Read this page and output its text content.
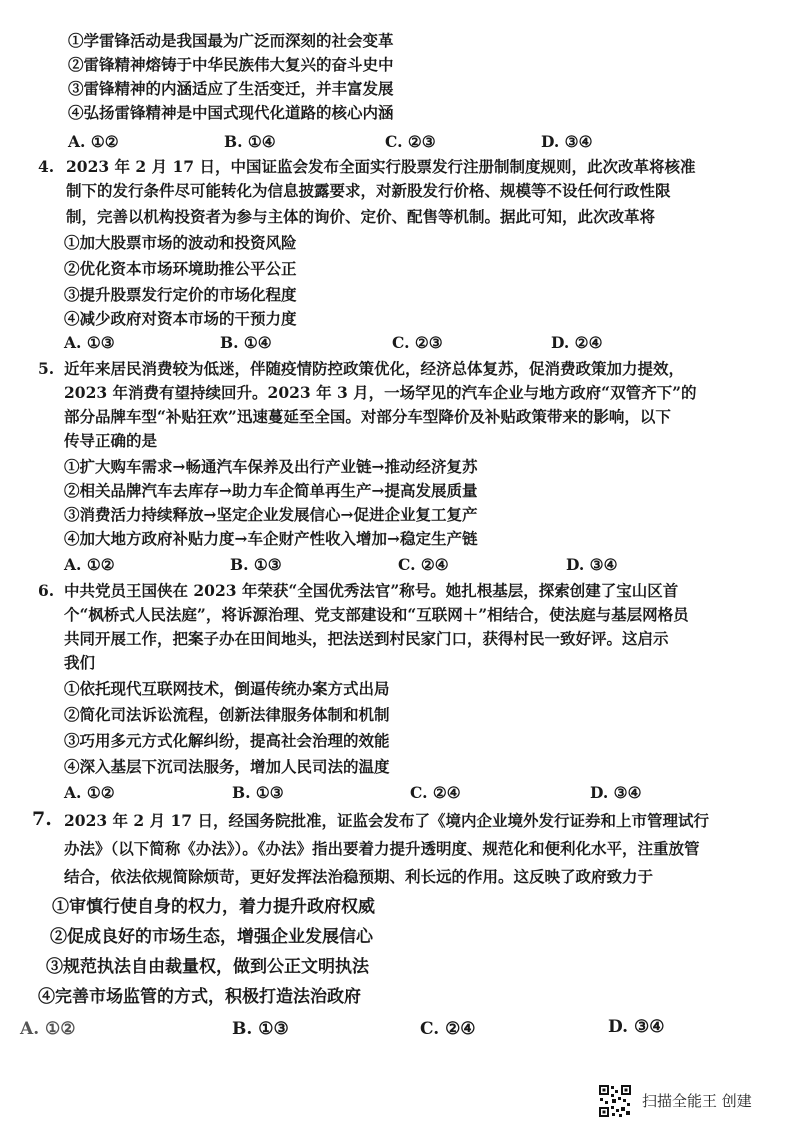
①学雷锋活动是我国最为广泛而深刻的社会变革
②雷锋精神熔铸于中华民族伟大复兴的奋斗史中
③雷锋精神的内涵适应了生活变迁，并丰富发展
④弘扬雷锋精神是中国式现代化道路的核心内涵
A. ①②	B. ①④	C. ②③	D. ③④
4. 2023 年 2 月 17 日，中国证监会发布全面实行股票发行注册制制度规则，此次改革将核准
制下的发行条件尽可能转化为信息披露要求，对新股发行价格、规模等不设任何行政性限
制，完善以机构投资者为参与主体的询价、定价、配售等机制。据此可知，此次改革将
①加大股票市场的波动和投资风险
②优化资本市场环境助推公平公正
③提升股票发行定价的市场化程度
④减少政府对资本市场的干预力度
A. ①③	B. ①④	C. ②③	D. ②④
5. 近年来居民消费较为低迷，伴随疫情防控政策优化，经济总体复苏，促消费政策加力提效，
2023 年消费有望持续回升。2023 年 3 月，一场罕见的汽车企业与地方政府“双管齐下”的
部分品牌车型“补贴狂欢”迅速蔓延至全国。对部分车型降价及补贴政策带来的影响，以下
传导正确的是
①扩大购车需求→畅通汽车保养及出行产业链→推动经济复苏
②相关品牌汽车去库存→助力车企简单再生产→提高发展质量
③消费活力持续释放→坚定企业发展信心→促进企业复工复产
④加大地方政府补贴力度→车企财产性收入增加→稳定生产链
A. ①②	B. ①③	C. ②④	D. ③④
6. 中共党员王国侠在 2023 年荣获“全国优秀法官”称号。她扎根基层，探索创建了宝山区首
个“枫桥式人民法庭”，将诉源治理、党支部建设和“互联网＋”相结合，使法庭与基层网格员
共同开展工作，把案子办在田间地头，把法送到村民家门口，获得村民一致好评。这启示
我们
①依托现代互联网技术，倒逼传统办案方式出局
②简化司法诉讼流程，创新法律服务体制和机制
③巧用多元方式化解纠纷，提高社会治理的效能
④深入基层下沉司法服务，增加人民司法的温度
A. ①②	B. ①③	C. ②④	D. ③④
7. 2023 年 2 月 17 日，经国务院批准，证监会发布了《境内企业境外发行证券和上市管理试行
办法》（以下简称《办法》）。《办法》指出要着力提升透明度、规范化和便利化水平，注重放管
结合，依法依规简除烦苛，更好发挥法治稳预期、利长远的作用。这反映了政府致力于
①审慎行使自身的权力，着力提升政府权威
②促成良好的市场生态，增强企业发展信心
③规范执法自由裁量权，做到公正文明执法
④完善市场监管的方式，积极打造法治政府
A. ①②	B. ①③	C. ②④	D. ③④
扫描全能王 创建
